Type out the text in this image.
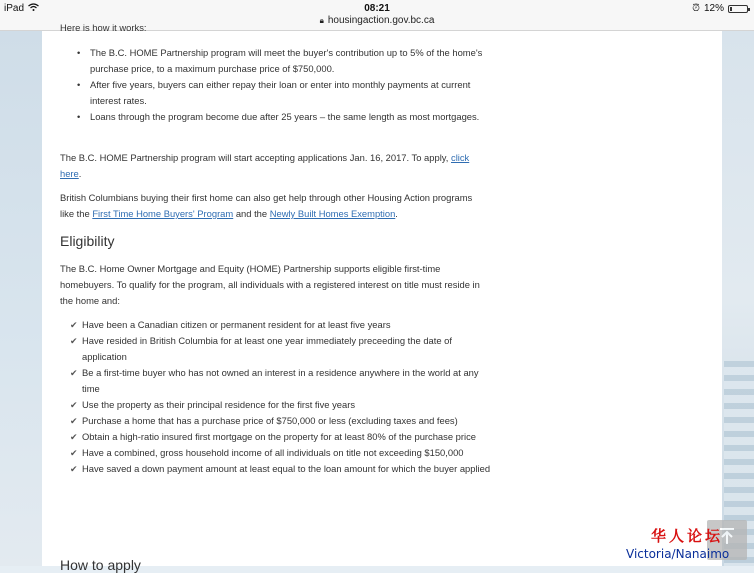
iPad	08:21
🔒︎ housingaction.gov.bc.ca
⏰︎ 12%
Here is how it works:
• The B.C. HOME Partnership program will meet the buyer's contribution up to 5% of the home's purchase price, to a maximum purchase price of $750,000.
• After five years, buyers can either repay their loan or enter into monthly payments at current interest rates.
• Loans through the program become due after 25 years – the same length as most mortgages.

The B.C. HOME Partnership program will start accepting applications Jan. 16, 2017. To apply, click here.

British Columbians buying their first home can also get help through other Housing Action programs like the First Time Home Buyers' Program and the Newly Built Homes Exemption.

Eligibility

The B.C. Home Owner Mortgage and Equity (HOME) Partnership supports eligible first-time homebuyers. To qualify for the program, all individuals with a registered interest on title must reside in the home and:

✔ Have been a Canadian citizen or permanent resident for at least five years
✔ Have resided in British Columbia for at least one year immediately preceeding the date of application
✔ Be a first-time buyer who has not owned an interest in a residence anywhere in the world at any time
✔ Use the property as their principal residence for the first five years
✔ Purchase a home that has a purchase price of $750,000 or less (excluding taxes and fees)
✔ Obtain a high-ratio insured first mortgage on the property for at least 80% of the purchase price
✔ Have a combined, gross household income of all individuals on title not exceeding $150,000
✔ Have saved a down payment amount at least equal to the loan amount for which the buyer applied
How to apply
华人论坛
Victoria/Nanaimo
